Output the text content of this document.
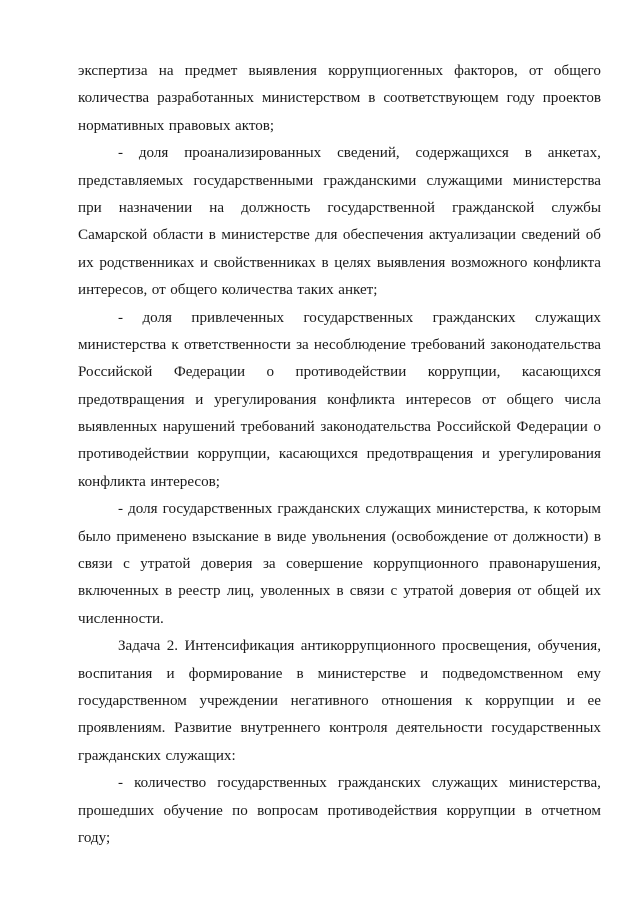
экспертиза на предмет выявления коррупциогенных факторов, от общего
количества разработанных министерством в соответствующем году проектов
нормативных правовых актов;
- доля проанализированных сведений, содержащихся в анкетах,
представляемых государственными гражданскими служащими министерства
при назначении на должность государственной гражданской службы
Самарской области в министерстве для обеспечения актуализации сведений об
их родственниках и свойственниках в целях выявления возможного конфликта
интересов, от общего количества таких анкет;
- доля привлеченных государственных гражданских служащих
министерства к ответственности за несоблюдение требований законодательства
Российской Федерации о противодействии коррупции, касающихся
предотвращения и урегулирования конфликта интересов от общего числа
выявленных нарушений требований законодательства Российской Федерации о
противодействии коррупции, касающихся предотвращения и урегулирования
конфликта интересов;
- доля государственных гражданских служащих министерства, к которым
было применено взыскание в виде увольнения (освобождение от должности) в
связи с утратой доверия за совершение коррупционного правонарушения,
включенных в реестр лиц, уволенных в связи с утратой доверия от общей их
численности.
Задача 2. Интенсификация антикоррупционного просвещения, обучения,
воспитания и формирование в министерстве и подведомственном ему
государственном учреждении негативного отношения к коррупции и ее
проявлениям. Развитие внутреннего контроля деятельности государственных
гражданских служащих:
- количество государственных гражданских служащих министерства,
прошедших обучение по вопросам противодействия коррупции в отчетном
году;
